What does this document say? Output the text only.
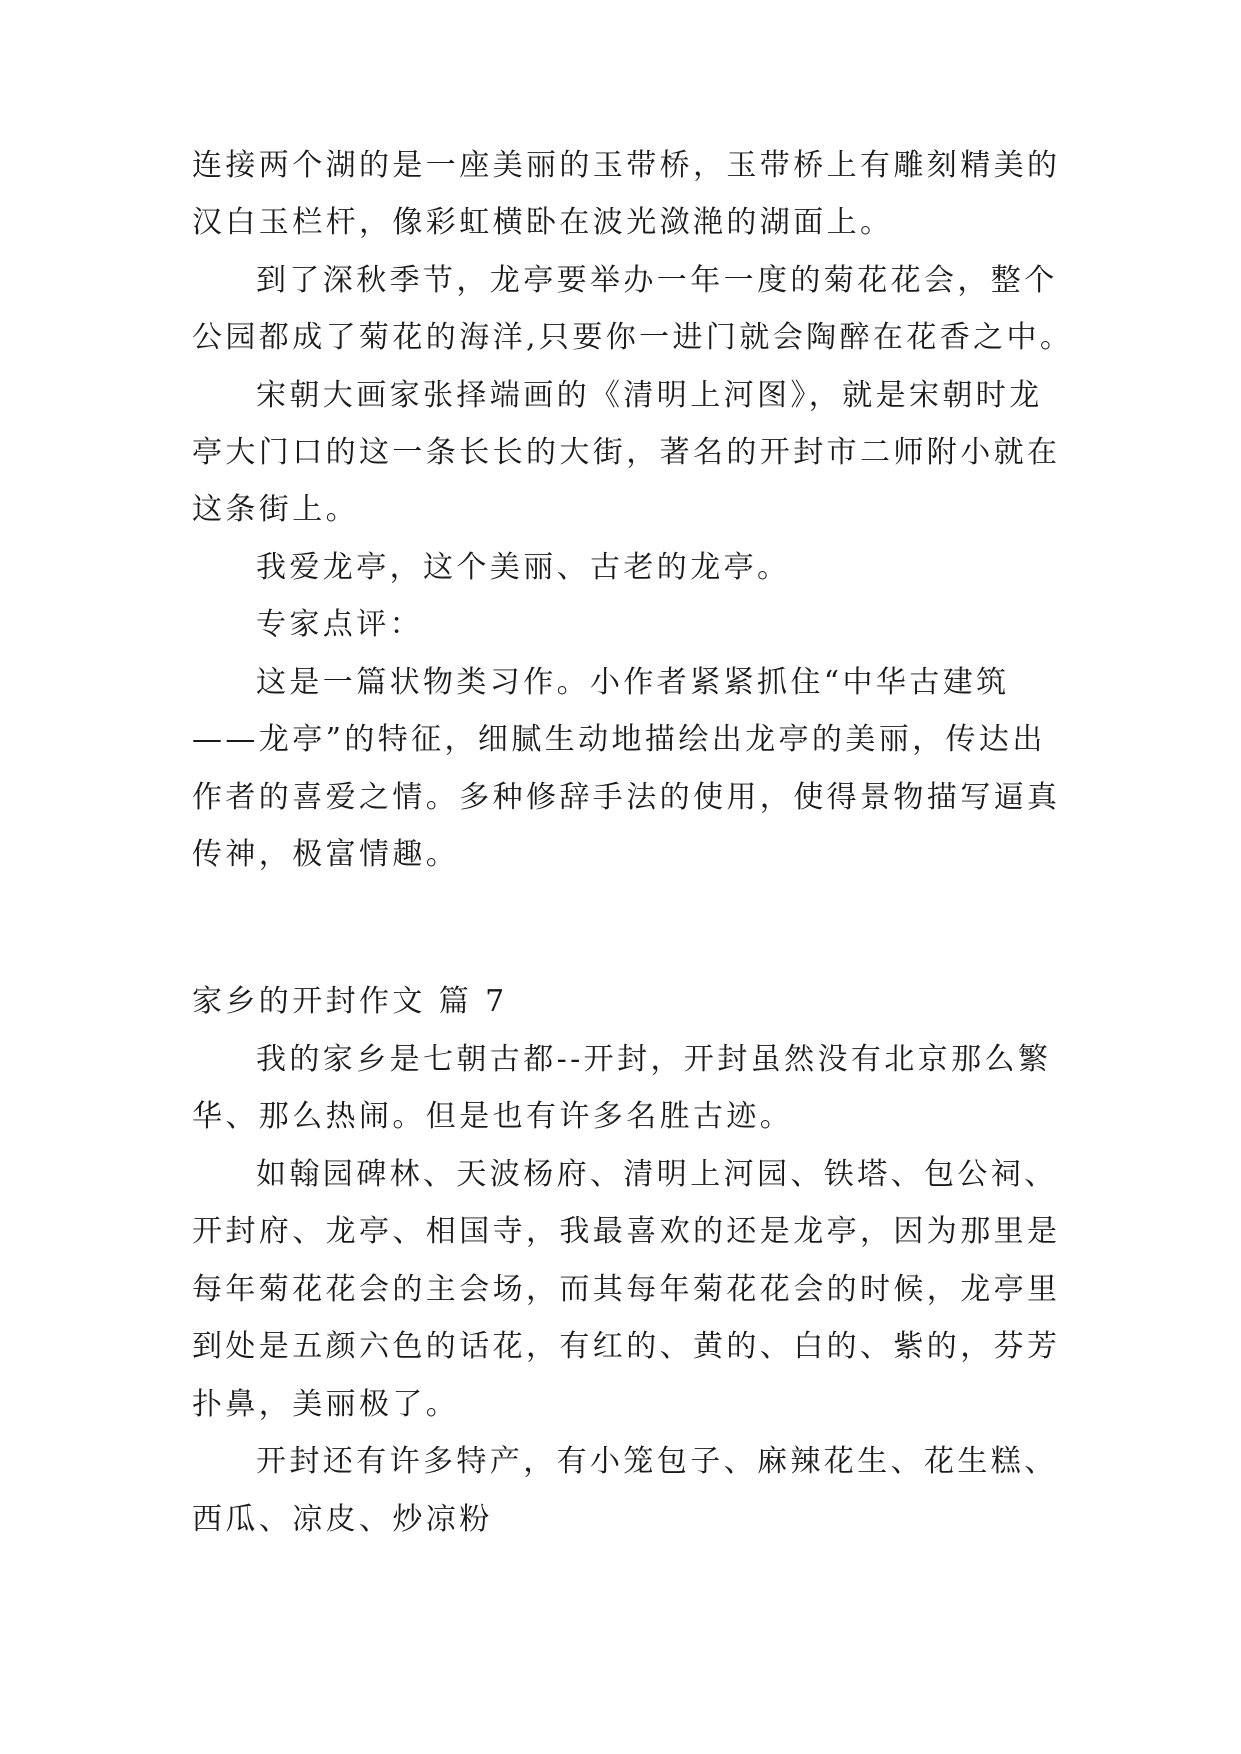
连接两个湖的是一座美丽的玉带桥，玉带桥上有雕刻精美的
汉白玉栏杆，像彩虹横卧在波光潋滟的湖面上。
到了深秋季节，龙亭要举办一年一度的菊花花会，整个
公园都成了菊花的海洋,只要你一进门就会陶醉在花香之中。
宋朝大画家张择端画的《清明上河图》，就是宋朝时龙
亭大门口的这一条长长的大街，著名的开封市二师附小就在
这条街上。
我爱龙亭，这个美丽、古老的龙亭。
专家点评：
这是一篇状物类习作。小作者紧紧抓住“中华古建筑
——龙亭”的特征，细腻生动地描绘出龙亭的美丽，传达出
作者的喜爱之情。多种修辞手法的使用，使得景物描写逼真
传神，极富情趣。
家乡的开封作文 篇 7
我的家乡是七朝古都--开封，开封虽然没有北京那么繁
华、那么热闹。但是也有许多名胜古迹。
如翰园碑林、天波杨府、清明上河园、铁塔、包公祠、
开封府、龙亭、相国寺，我最喜欢的还是龙亭，因为那里是
每年菊花花会的主会场，而其每年菊花花会的时候，龙亭里
到处是五颜六色的话花，有红的、黄的、白的、紫的，芬芳
扑鼻，美丽极了。
开封还有许多特产，有小笼包子、麻辣花生、花生糕、
西瓜、凉皮、炒凉粉
